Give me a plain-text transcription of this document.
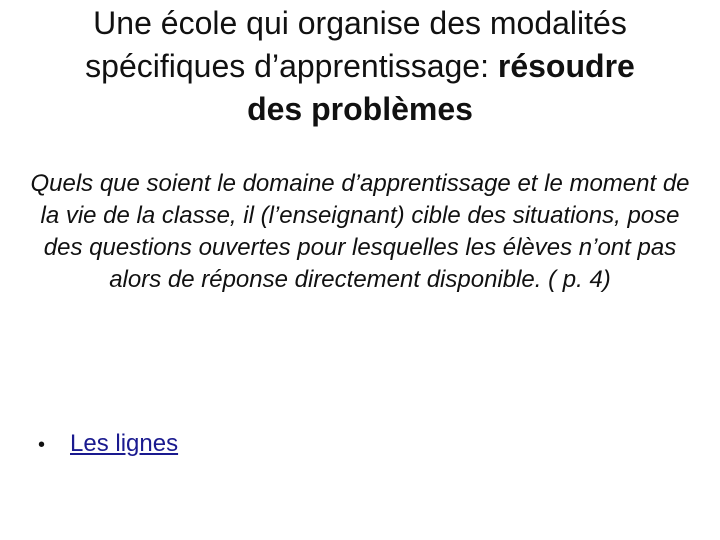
Une école qui organise des modalités
spécifiques d’apprentissage: résoudre
des problèmes

Quels que soient le domaine d’apprentissage et le moment de la vie de la classe, il (l’enseignant) cible des situations, pose des questions ouvertes pour lesquelles les élèves n’ont pas alors de réponse directement disponible. ( p. 4)

•	Les lignes
